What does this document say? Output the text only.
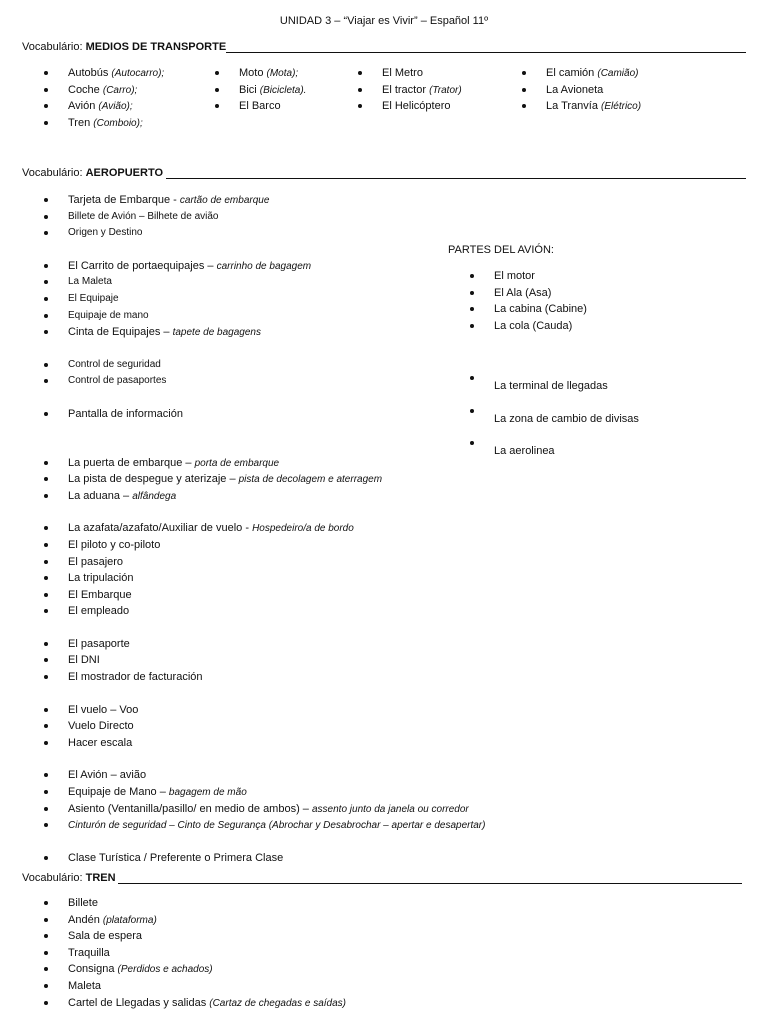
UNIDAD 3 – “Viajar es Vivir” – Español 11º
Vocabulário: MEDIOS DE TRANSPORTE
Autobús (Autocarro);
Coche (Carro);
Avión (Avião);
Tren (Comboio);
Moto (Mota);
Bici (Bicicleta).
El Barco
El Metro
El tractor (Trator)
El Helicóptero
El camión (Camião)
La Avioneta
La Tranvía (Elétrico)
Vocabulário: AEROPUERTO
Tarjeta de Embarque - cartão de embarque
Billete de Avión – Bilhete de avião
Origen y Destino
El Carrito de portaequipajes – carrinho de bagagem
La Maleta
El Equipaje
Equipaje de mano
Cinta de Equipajes – tapete de bagagens
Control de seguridad
Control de pasaportes
Pantalla de información
La puerta de embarque – porta de embarque
La pista de despegue y aterizaje – pista de decolagem e aterragem
La aduana – alfândega
La azafata/azafato/Auxiliar de vuelo - Hospedeiro/a de bordo
El piloto y co-piloto
El pasajero
La tripulación
El Embarque
El empleado
El pasaporte
El DNI
El mostrador de facturación
El vuelo – Voo
Vuelo Directo
Hacer escala
El Avión – avião
Equipaje de Mano – bagagem de mão
Asiento (Ventanilla/pasillo/ en medio de ambos) – assento junto da janela ou corredor
Cinturón de seguridad – Cinto de Segurança (Abrochar y Desabrochar – apertar e desapertar)
Clase Turística / Preferente o Primera Clase
PARTES DEL AVIÓN:
El motor
El Ala (Asa)
La cabina (Cabine)
La cola (Cauda)
La terminal de llegadas
La zona de cambio de divisas
La aerolinea
Vocabulário: TREN
Billete
Andén (plataforma)
Sala de espera
Traquilla
Consigna (Perdidos e achados)
Maleta
Cartel de Llegadas y salidas (Cartaz de chegadas e saídas)
